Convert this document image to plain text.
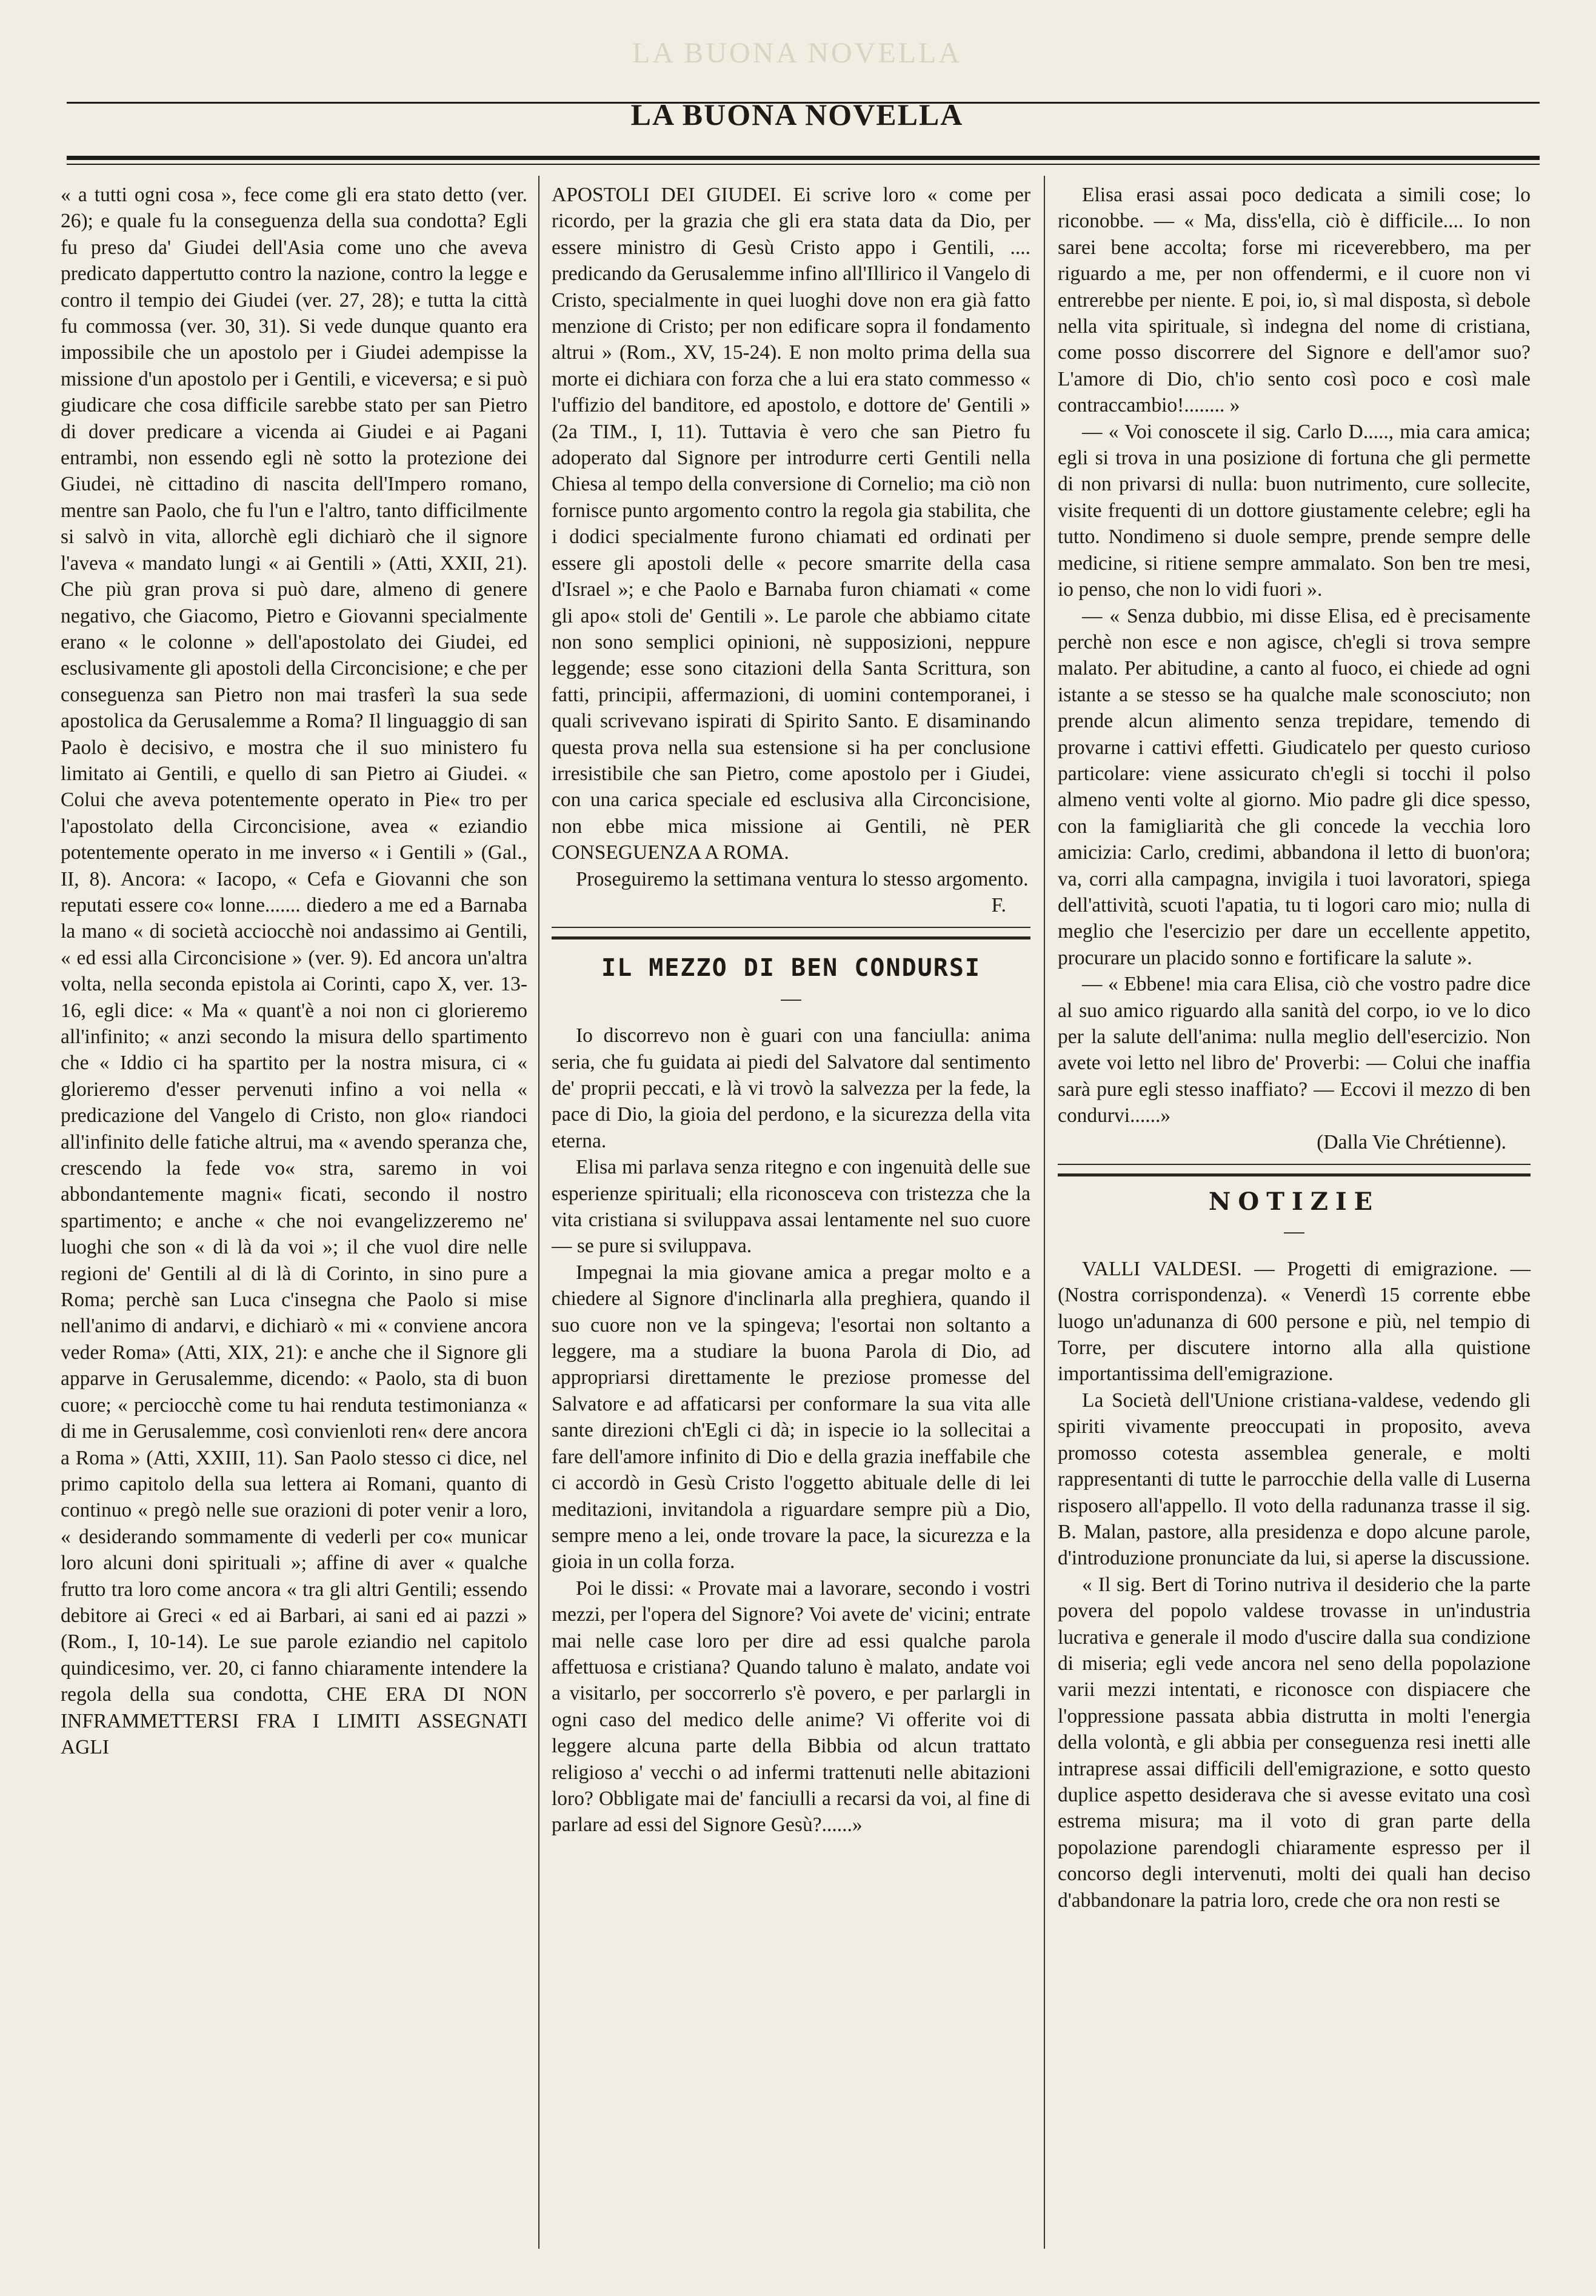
LA BUONA NOVELLA
LA BUONA NOVELLA

« a tutti ogni cosa », fece come gli era stato detto (ver. 26); e quale fu la conseguenza della sua condotta? Egli fu preso da' Giudei dell'Asia come uno che aveva predicato dappertutto contro la nazione, contro la legge e contro il tempio dei Giudei (ver. 27, 28); e tutta la città fu commossa (ver. 30, 31). Si vede dunque quanto era impossibile che un apostolo per i Giudei adempisse la missione d'un apostolo per i Gentili, e viceversa; e si può giudicare che cosa difficile sarebbe stato per san Pietro di dover predicare a vicenda ai Giudei e ai Pagani entrambi, non essendo egli nè sotto la protezione dei Giudei, nè cittadino di nascita dell'Impero romano, mentre san Paolo, che fu l'un e l'altro, tanto difficilmente si salvò in vita, allorchè egli dichiarò che il signore l'aveva « mandato lungi « ai Gentili » (Atti, XXII, 21). Che più gran prova si può dare, almeno di genere negativo, che Giacomo, Pietro e Giovanni specialmente erano « le colonne » dell'apostolato dei Giudei, ed esclusivamente gli apostoli della Circoncisione; e che per conseguenza san Pietro non mai trasferì la sua sede apostolica da Gerusalemme a Roma? Il linguaggio di san Paolo è decisivo, e mostra che il suo ministero fu limitato ai Gentili, e quello di san Pietro ai Giudei. « Colui che aveva potentemente operato in Pie« tro per l'apostolato della Circoncisione, avea « eziandio potentemente operato in me inverso « i Gentili » (Gal., II, 8). Ancora: « Iacopo, « Cefa e Giovanni che son reputati essere co« lonne....... diedero a me ed a Barnaba la mano « di società acciocchè noi andassimo ai Gentili, « ed essi alla Circoncisione » (ver. 9). Ed ancora un'altra volta, nella seconda epistola ai Corinti, capo X, ver. 13-16, egli dice: « Ma « quant'è a noi non ci glorieremo all'infinito; « anzi secondo la misura dello spartimento che « Iddio ci ha spartito per la nostra misura, ci « glorieremo d'esser pervenuti infino a voi nella « predicazione del Vangelo di Cristo, non glo« riandoci all'infinito delle fatiche altrui, ma « avendo speranza che, crescendo la fede vo« stra, saremo in voi abbondantemente magni« ficati, secondo il nostro spartimento; e anche « che noi evangelizzeremo ne' luoghi che son « di là da voi »; il che vuol dire nelle regioni de' Gentili al di là di Corinto, in sino pure a Roma; perchè san Luca c'insegna che Paolo si mise nell'animo di andarvi, e dichiarò « mi « conviene ancora veder Roma» (Atti, XIX, 21): e anche che il Signore gli apparve in Gerusalemme, dicendo: « Paolo, sta di buon cuore; « perciocchè come tu hai renduta testimonianza « di me in Gerusalemme, così convienloti ren« dere ancora a Roma » (Atti, XXIII, 11). San Paolo stesso ci dice, nel primo capitolo della sua lettera ai Romani, quanto di continuo « pregò nelle sue orazioni di poter venir a loro, « desiderando sommamente di vederli per co« municar loro alcuni doni spirituali »; affine di aver « qualche frutto tra loro come ancora « tra gli altri Gentili; essendo debitore ai Greci « ed ai Barbari, ai sani ed ai pazzi » (Rom., I, 10-14). Le sue parole eziandio nel capitolo quindicesimo, ver. 20, ci fanno chiaramente intendere la regola della sua condotta, CHE ERA DI NON INFRAMMETTERSI FRA I LIMITI ASSEGNATI AGLI

APOSTOLI DEI GIUDEI. Ei scrive loro « come per ricordo, per la grazia che gli era stata data da Dio, per essere ministro di Gesù Cristo appo i Gentili, .... predicando da Gerusalemme infino all'Illirico il Vangelo di Cristo, specialmente in quei luoghi dove non era già fatto menzione di Cristo; per non edificare sopra il fondamento altrui » (Rom., XV, 15-24). E non molto prima della sua morte ei dichiara con forza che a lui era stato commesso « l'uffizio del banditore, ed apostolo, e dottore de' Gentili » (2a TIM., I, 11). Tuttavia è vero che san Pietro fu adoperato dal Signore per introdurre certi Gentili nella Chiesa al tempo della conversione di Cornelio; ma ciò non fornisce punto argomento contro la regola gia stabilita, che i dodici specialmente furono chiamati ed ordinati per essere gli apostoli delle « pecore smarrite della casa d'Israel »; e che Paolo e Barnaba furon chiamati « come gli apo« stoli de' Gentili ». Le parole che abbiamo citate non sono semplici opinioni, nè supposizioni, neppure leggende; esse sono citazioni della Santa Scrittura, son fatti, principii, affermazioni, di uomini contemporanei, i quali scrivevano ispirati di Spirito Santo. E disaminando questa prova nella sua estensione si ha per conclusione irresistibile che san Pietro, come apostolo per i Giudei, con una carica speciale ed esclusiva alla Circoncisione, non ebbe mica missione ai Gentili, nè PER CONSEGUENZA A ROMA.

Proseguiremo la settimana ventura lo stesso argomento.

F.

IL MEZZO DI BEN CONDURSI
—

Io discorrevo non è guari con una fanciulla: anima seria, che fu guidata ai piedi del Salvatore dal sentimento de' proprii peccati, e là vi trovò la salvezza per la fede, la pace di Dio, la gioia del perdono, e la sicurezza della vita eterna.

Elisa mi parlava senza ritegno e con ingenuità delle sue esperienze spirituali; ella riconosceva con tristezza che la vita cristiana si sviluppava assai lentamente nel suo cuore — se pure si sviluppava.

Impegnai la mia giovane amica a pregar molto e a chiedere al Signore d'inclinarla alla preghiera, quando il suo cuore non ve la spingeva; l'esortai non soltanto a leggere, ma a studiare la buona Parola di Dio, ad appropriarsi direttamente le preziose promesse del Salvatore e ad affaticarsi per conformare la sua vita alle sante direzioni ch'Egli ci dà; in ispecie io la sollecitai a fare dell'amore infinito di Dio e della grazia ineffabile che ci accordò in Gesù Cristo l'oggetto abituale delle di lei meditazioni, invitandola a riguardare sempre più a Dio, sempre meno a lei, onde trovare la pace, la sicurezza e la gioia in un colla forza.

Poi le dissi: « Provate mai a lavorare, secondo i vostri mezzi, per l'opera del Signore? Voi avete de' vicini; entrate mai nelle case loro per dire ad essi qualche parola affettuosa e cristiana? Quando taluno è malato, andate voi a visitarlo, per soccorrerlo s'è povero, e per parlargli in ogni caso del medico delle anime? Vi offerite voi di leggere alcuna parte della Bibbia od alcun trattato religioso a' vecchi o ad infermi trattenuti nelle abitazioni loro? Obbligate mai de' fanciulli a recarsi da voi, al fine di parlare ad essi del Signore Gesù?......»

Elisa erasi assai poco dedicata a simili cose; lo riconobbe. — « Ma, diss'ella, ciò è difficile.... Io non sarei bene accolta; forse mi riceverebbero, ma per riguardo a me, per non offendermi, e il cuore non vi entrerebbe per niente. E poi, io, sì mal disposta, sì debole nella vita spirituale, sì indegna del nome di cristiana, come posso discorrere del Signore e dell'amor suo? L'amore di Dio, ch'io sento così poco e così male contraccambio!........ »

— « Voi conoscete il sig. Carlo D....., mia cara amica; egli si trova in una posizione di fortuna che gli permette di non privarsi di nulla: buon nutrimento, cure sollecite, visite frequenti di un dottore giustamente celebre; egli ha tutto. Nondimeno si duole sempre, prende sempre delle medicine, si ritiene sempre ammalato. Son ben tre mesi, io penso, che non lo vidi fuori ».

— « Senza dubbio, mi disse Elisa, ed è precisamente perchè non esce e non agisce, ch'egli si trova sempre malato. Per abitudine, a canto al fuoco, ei chiede ad ogni istante a se stesso se ha qualche male sconosciuto; non prende alcun alimento senza trepidare, temendo di provarne i cattivi effetti. Giudicatelo per questo curioso particolare: viene assicurato ch'egli si tocchi il polso almeno venti volte al giorno. Mio padre gli dice spesso, con la famigliarità che gli concede la vecchia loro amicizia: Carlo, credimi, abbandona il letto di buon'ora; va, corri alla campagna, invigila i tuoi lavoratori, spiega dell'attività, scuoti l'apatia, tu ti logori caro mio; nulla di meglio che l'esercizio per dare un eccellente appetito, procurare un placido sonno e fortificare la salute ».

— « Ebbene! mia cara Elisa, ciò che vostro padre dice al suo amico riguardo alla sanità del corpo, io ve lo dico per la salute dell'anima: nulla meglio dell'esercizio. Non avete voi letto nel libro de' Proverbi: — Colui che inaffia sarà pure egli stesso inaffiato? — Eccovi il mezzo di ben condurvi......»

(Dalla Vie Chrétienne).

NOTIZIE
—

VALLI VALDESI. — Progetti di emigrazione. — (Nostra corrispondenza). « Venerdì 15 corrente ebbe luogo un'adunanza di 600 persone e più, nel tempio di Torre, per discutere intorno alla alla quistione importantissima dell'emigrazione.

La Società dell'Unione cristiana-valdese, vedendo gli spiriti vivamente preoccupati in proposito, aveva promosso cotesta assemblea generale, e molti rappresentanti di tutte le parrocchie della valle di Luserna risposero all'appello. Il voto della radunanza trasse il sig. B. Malan, pastore, alla presidenza e dopo alcune parole, d'introduzione pronunciate da lui, si aperse la discussione.

« Il sig. Bert di Torino nutriva il desiderio che la parte povera del popolo valdese trovasse in un'industria lucrativa e generale il modo d'uscire dalla sua condizione di miseria; egli vede ancora nel seno della popolazione varii mezzi intentati, e riconosce con dispiacere che l'oppressione passata abbia distrutta in molti l'energia della volontà, e gli abbia per conseguenza resi inetti alle intraprese assai difficili dell'emigrazione, e sotto questo duplice aspetto desiderava che si avesse evitato una così estrema misura; ma il voto di gran parte della popolazione parendogli chiaramente espresso per il concorso degli intervenuti, molti dei quali han deciso d'abbandonare la patria loro, crede che ora non resti se
